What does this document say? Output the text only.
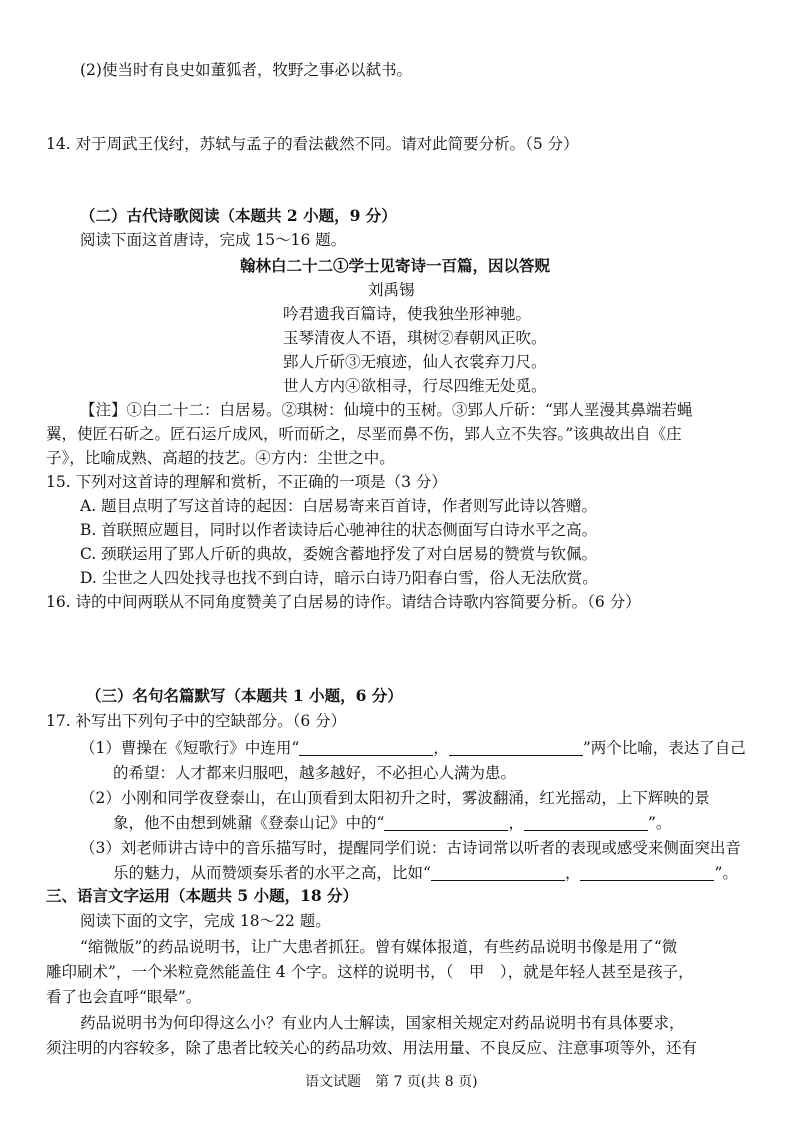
(2)使当时有良史如董狐者，牧野之事必以弑书。
14. 对于周武王伐纣，苏轼与孟子的看法截然不同。请对此简要分析。（5 分）
（二）古代诗歌阅读（本题共 2 小题，9 分）
阅读下面这首唐诗，完成 15～16 题。
翰林白二十二①学士见寄诗一百篇，因以答贶
刘禹锡
吟君遗我百篇诗，使我独坐形神驰。
玉琴清夜人不语，琪树②春朝风正吹。
郢人斤斫③无痕迹，仙人衣裳弃刀尺。
世人方内④欲相寻，行尽四维无处觅。
【注】①白二十二：白居易。②琪树：仙境中的玉树。③郢人斤斫：“郢人垩漫其鼻端若蝇
翼，使匠石斫之。匠石运斤成风，听而斫之，尽垩而鼻不伤，郢人立不失容。”该典故出自《庄
子》，比喻成熟、高超的技艺。④方内：尘世之中。
15. 下列对这首诗的理解和赏析，不正确的一项是（3 分）
A. 题目点明了写这首诗的起因：白居易寄来百首诗，作者则写此诗以答赠。
B. 首联照应题目，同时以作者读诗后心驰神往的状态侧面写白诗水平之高。
C. 颈联运用了郢人斤斫的典故，委婉含蓄地抒发了对白居易的赞赏与钦佩。
D. 尘世之人四处找寻也找不到白诗，暗示白诗乃阳春白雪，俗人无法欣赏。
16. 诗的中间两联从不同角度赞美了白居易的诗作。请结合诗歌内容简要分析。（6 分）
（三）名句名篇默写（本题共 1 小题，6 分）
17. 补写出下列句子中的空缺部分。（6 分）
（1）曹操在《短歌行》中连用“	，	”两个比喻，表达了自己
的希望：人才都来归服吧，越多越好，不必担心人满为患。
（2）小刚和同学夜登泰山，在山顶看到太阳初升之时，雾波翻涌，红光摇动，上下辉映的景
象，他不由想到姚鼐《登泰山记》中的“	，	”。
（3）刘老师讲古诗中的音乐描写时，提醒同学们说：古诗词常以听者的表现或感受来侧面突出音
乐的魅力，从而赞颂奏乐者的水平之高，比如“	，	”。
三、语言文字运用（本题共 5 小题，18 分）
阅读下面的文字，完成 18～22 题。
“缩微版”的药品说明书，让广大患者抓狂。曾有媒体报道，有些药品说明书像是用了“微
雕印刷术”，一个米粒竟然能盖住 4 个字。这样的说明书，（　甲　），就是年轻人甚至是孩子，
看了也会直呼“眼晕”。
药品说明书为何印得这么小？有业内人士解读，国家相关规定对药品说明书有具体要求，
须注明的内容较多，除了患者比较关心的药品功效、用法用量、不良反应、注意事项等外，还有
语文试题　第 7 页(共 8 页)
